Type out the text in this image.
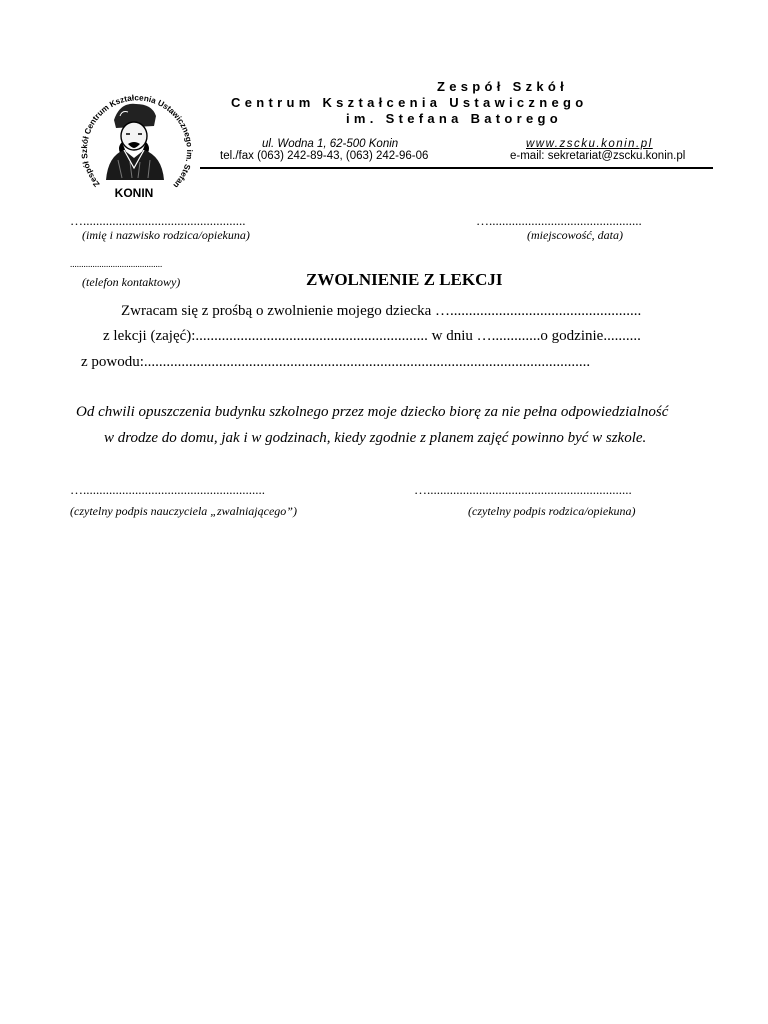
Zespół Szkół Centrum Kształcenia Ustawicznego im. Stefan
KONIN
Zespół Szkół
Centrum Kształcenia Ustawicznego
im. Stefana Batorego
ul. Wodna 1, 62-500 Konin	www.zscku.konin.pl
tel./fax (063) 242-89-43, (063) 242-96-06	e-mail: sekretariat@zscku.konin.pl
…..................................................
(imię i nazwisko rodzica/opiekuna)
…...............................................
(miejscowość, data)
.........................................
(telefon kontaktowy)	ZWOLNIENIE Z LEKCJI
Zwracam się z prośbą o zwolnienie mojego dziecka …...................................................
z lekcji (zajęć):.............................................................. w dniu ….............o godzinie..........
z powodu:.......................................................................................................................
Od chwili opuszczenia budynku szkolnego przez moje dziecko biorę za nie pełna odpowiedzialność
w drodze do domu, jak i w godzinach, kiedy zgodnie z planem zajęć powinno być w szkole.
…........................................................
(czytelny podpis nauczyciela „zwalniającego”)
…...............................................................
(czytelny podpis rodzica/opiekuna)
